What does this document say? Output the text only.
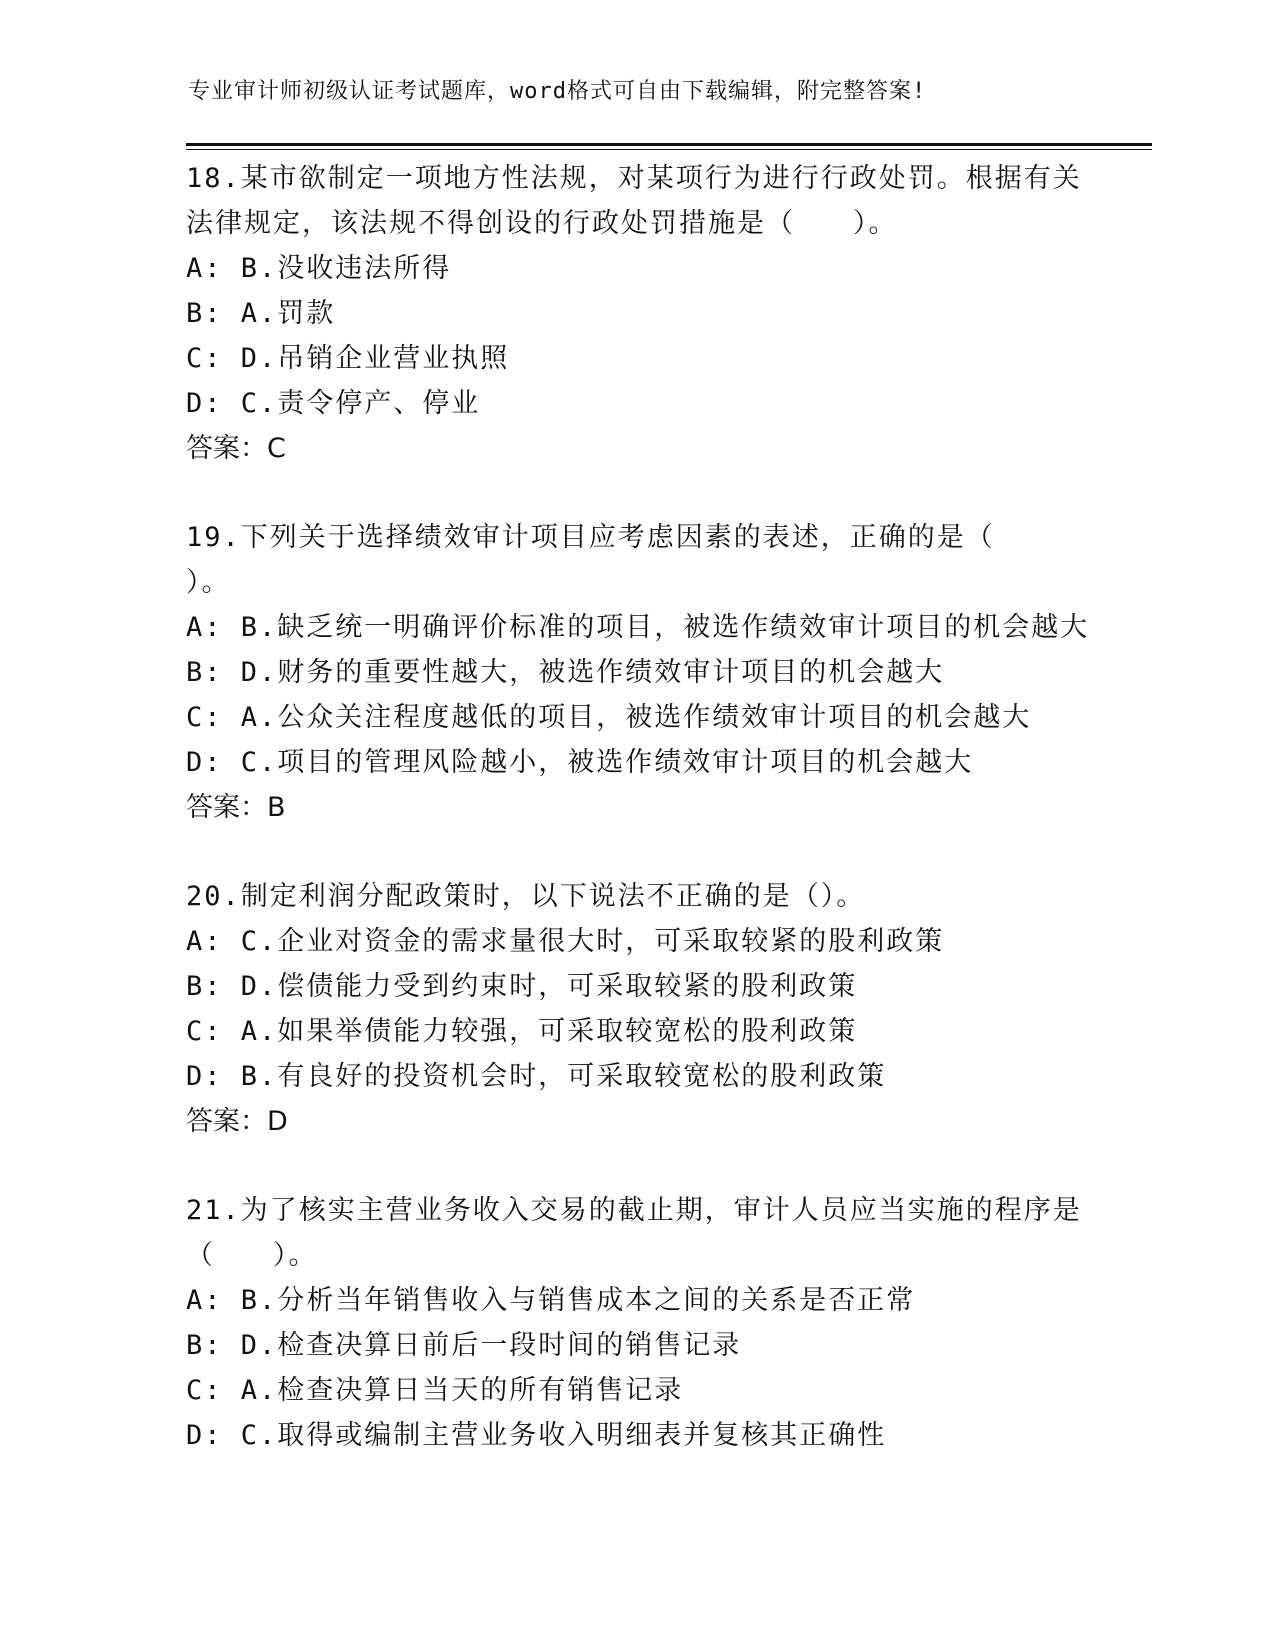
专业审计师初级认证考试题库，word格式可自由下载编辑，附完整答案!
18.某市欲制定一项地方性法规，对某项行为进行行政处罚。根据有关法律规定，该法规不得创设的行政处罚措施是（　　）。
A: B.没收违法所得
B: A.罚款
C: D.吊销企业营业执照
D: C.责令停产、停业
答案：C
19.下列关于选择绩效审计项目应考虑因素的表述，正确的是（　　）。
A: B.缺乏统一明确评价标准的项目，被选作绩效审计项目的机会越大
B: D.财务的重要性越大，被选作绩效审计项目的机会越大
C: A.公众关注程度越低的项目，被选作绩效审计项目的机会越大
D: C.项目的管理风险越小，被选作绩效审计项目的机会越大
答案：B
20.制定利润分配政策时，以下说法不正确的是（）。
A: C.企业对资金的需求量很大时，可采取较紧的股利政策
B: D.偿债能力受到约束时，可采取较紧的股利政策
C: A.如果举债能力较强，可采取较宽松的股利政策
D: B.有良好的投资机会时，可采取较宽松的股利政策
答案：D
21.为了核实主营业务收入交易的截止期，审计人员应当实施的程序是（　　）。
A: B.分析当年销售收入与销售成本之间的关系是否正常
B: D.检查决算日前后一段时间的销售记录
C: A.检查决算日当天的所有销售记录
D: C.取得或编制主营业务收入明细表并复核其正确性
